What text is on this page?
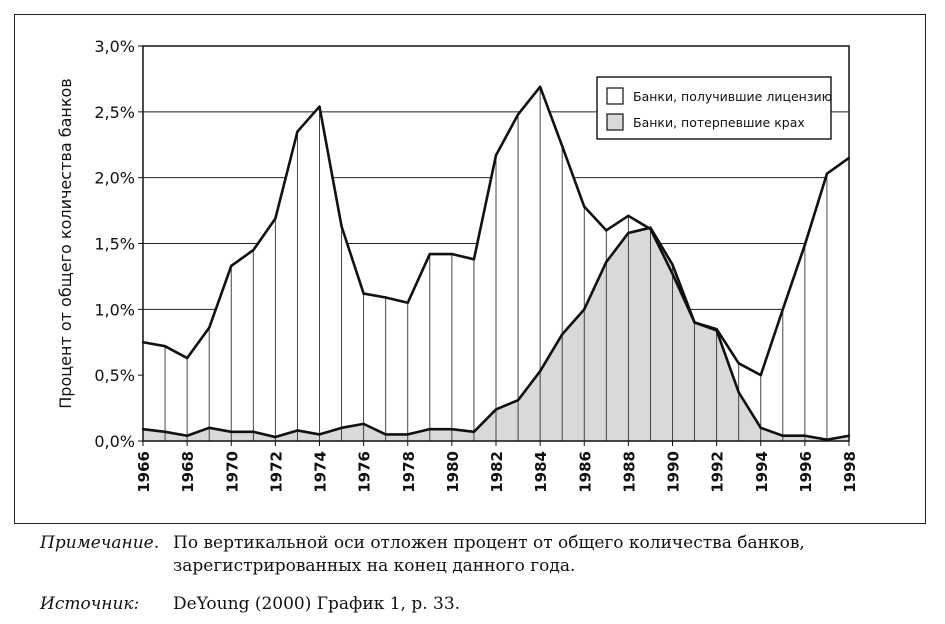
0,0%
0,5%
1,0%
1,5%
2,0%
2,5%
3,0%
1966 1968 1970 1972 1974 1976 1978 1980 1982 1984 1986 1988 1990 1992 1994 1996 1998
Процент от общего количества банков	Банки, получившие лицензию
Банки, потерпевшие крах
Примечание. По вертикальной оси отложен процент от общего количества банков, зарегистрированных на конец данного года.
Источник: DeYoung (2000) График 1, р. 33.
